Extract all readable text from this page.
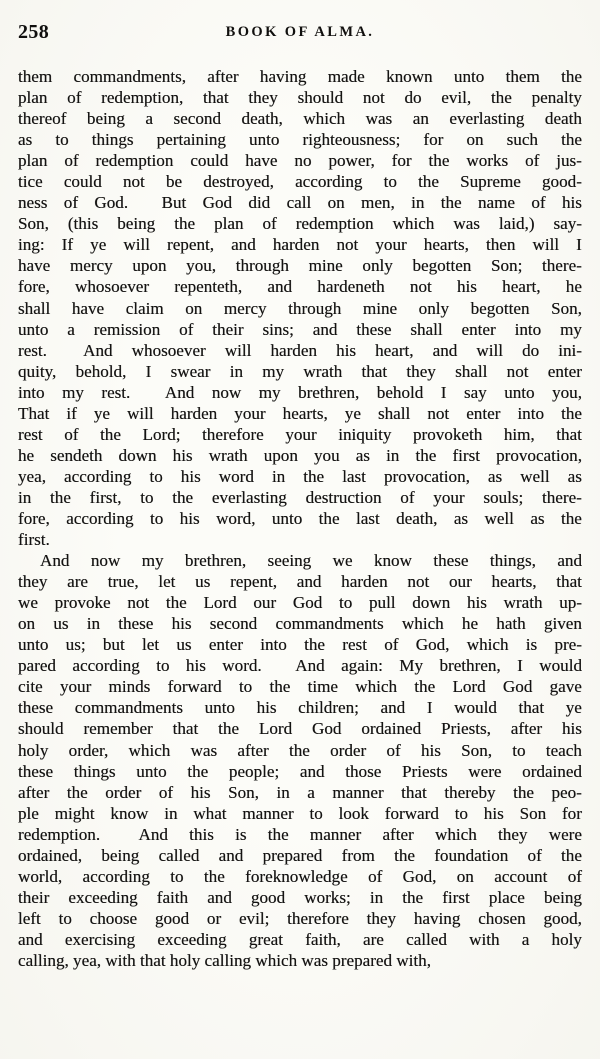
258	BOOK OF ALMA.
them commandments, after having made known unto them the
plan of redemption, that they should not do evil, the penalty
thereof being a second death, which was an everlasting death
as to things pertaining unto righteousness; for on such the
plan of redemption could have no power, for the works of jus-
tice could not be destroyed, according to the Supreme good-
ness of God.   But God did call on men, in the name of his
Son, (this being the plan of redemption which was laid,) say-
ing: If ye will repent, and harden not your hearts, then will I
have mercy upon you, through mine only begotten Son; there-
fore, whosoever repenteth, and hardeneth not his heart, he
shall have claim on mercy through mine only begotten Son,
unto a remission of their sins; and these shall enter into my
rest.   And whosoever will harden his heart, and will do ini-
quity, behold, I swear in my wrath that they shall not enter
into my rest.   And now my brethren, behold I say unto you,
That if ye will harden your hearts, ye shall not enter into the
rest of the Lord; therefore your iniquity provoketh him, that
he sendeth down his wrath upon you as in the first provocation,
yea, according to his word in the last provocation, as well as
in the first, to the everlasting destruction of your souls; there-
fore, according to his word, unto the last death, as well as the
first.
And now my brethren, seeing we know these things, and
they are true, let us repent, and harden not our hearts, that
we provoke not the Lord our God to pull down his wrath up-
on us in these his second commandments which he hath given
unto us; but let us enter into the rest of God, which is pre-
pared according to his word.   And again: My brethren, I would
cite your minds forward to the time which the Lord God gave
these commandments unto his children; and I would that ye
should remember that the Lord God ordained Priests, after his
holy order, which was after the order of his Son, to teach
these things unto the people; and those Priests were ordained
after the order of his Son, in a manner that thereby the peo-
ple might know in what manner to look forward to his Son for
redemption.   And this is the manner after which they were
ordained, being called and prepared from the foundation of the
world, according to the foreknowledge of God, on account of
their exceeding faith and good works; in the first place being
left to choose good or evil; therefore they having chosen good,
and exercising exceeding great faith, are called with a holy
calling, yea, with that holy calling which was prepared with,
